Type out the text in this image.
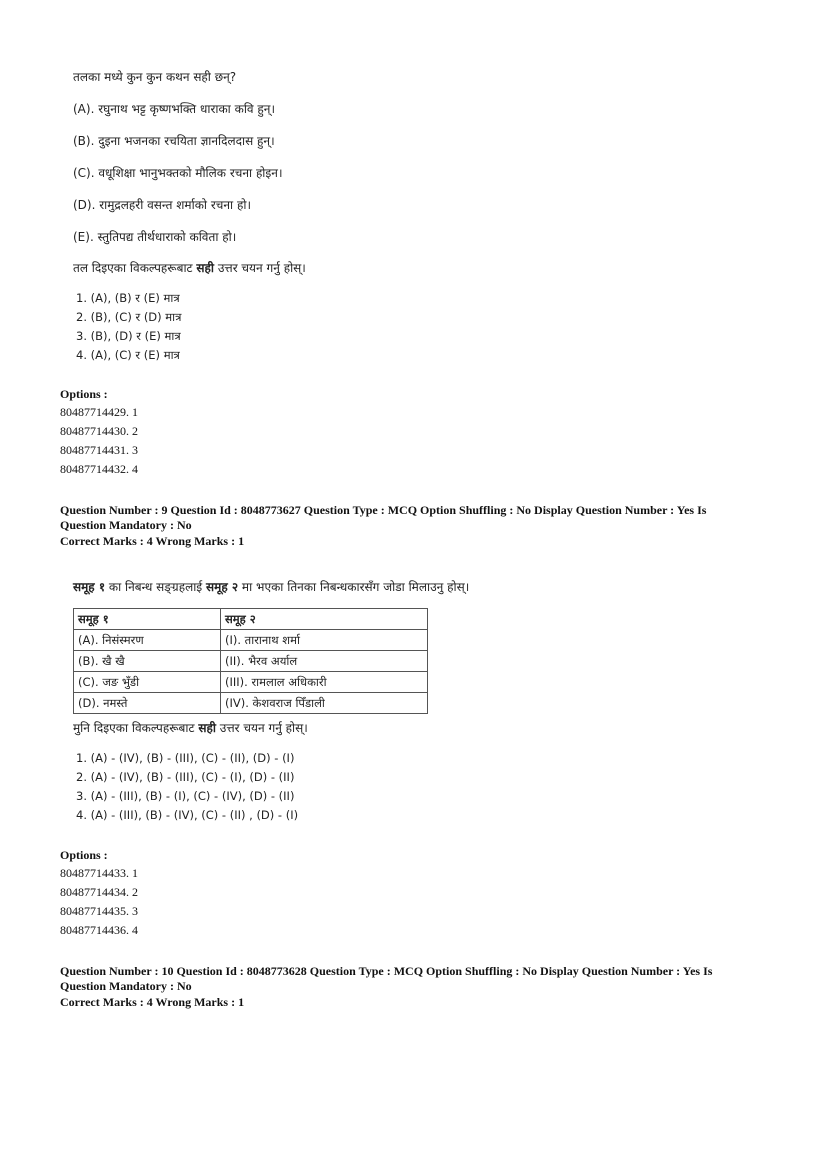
तलका मध्ये कुन कुन कथन सही छन्?
(A). रघुनाथ भट्ट कृष्णभक्ति धाराका कवि हुन्।
(B). दुइना भजनका रचयिता ज्ञानदिलदास हुन्।
(C). वधूशिक्षा भानुभक्तको मौलिक रचना होइन।
(D). रामुद्रलहरी वसन्त शर्माको रचना हो।
(E). स्तुतिपद्य तीर्थधाराको कविता हो।
तल दिइएका विकल्पहरूबाट सही उत्तर चयन गर्नु होस्।
1. (A), (B) र (E) मात्र
2. (B), (C) र (D) मात्र
3. (B), (D) र (E) मात्र
4. (A), (C) र (E) मात्र
Options :
80487714429. 1
80487714430. 2
80487714431. 3
80487714432. 4
Question Number : 9 Question Id : 8048773627 Question Type : MCQ Option Shuffling : No Display Question Number : Yes Is
Question Mandatory : No
Correct Marks : 4 Wrong Marks : 1
समूह १ का निबन्ध सङ्ग्रहलाई समूह २ मा भएका तिनका निबन्धकारसँग जोडा मिलाउनु होस्।
समूह १	समूह २
(A). निसंस्मरण	(I). तारानाथ शर्मा
(B). खै खै	(II). भैरव अर्याल
(C). जङ भुँडी	(III). रामलाल अधिकारी
(D). नमस्ते	(IV). केशवराज पिँडाली
मुनि दिइएका विकल्पहरूबाट सही उत्तर चयन गर्नु होस्।
1. (A) - (IV), (B) - (III), (C) - (II), (D) - (I)
2. (A) - (IV), (B) - (III), (C) - (I), (D) - (II)
3. (A) - (III), (B) - (I), (C) - (IV), (D) - (II)
4. (A) - (III), (B) - (IV), (C) - (II) , (D) - (I)
Options :
80487714433. 1
80487714434. 2
80487714435. 3
80487714436. 4
Question Number : 10 Question Id : 8048773628 Question Type : MCQ Option Shuffling : No Display Question Number : Yes Is
Question Mandatory : No
Correct Marks : 4 Wrong Marks : 1
